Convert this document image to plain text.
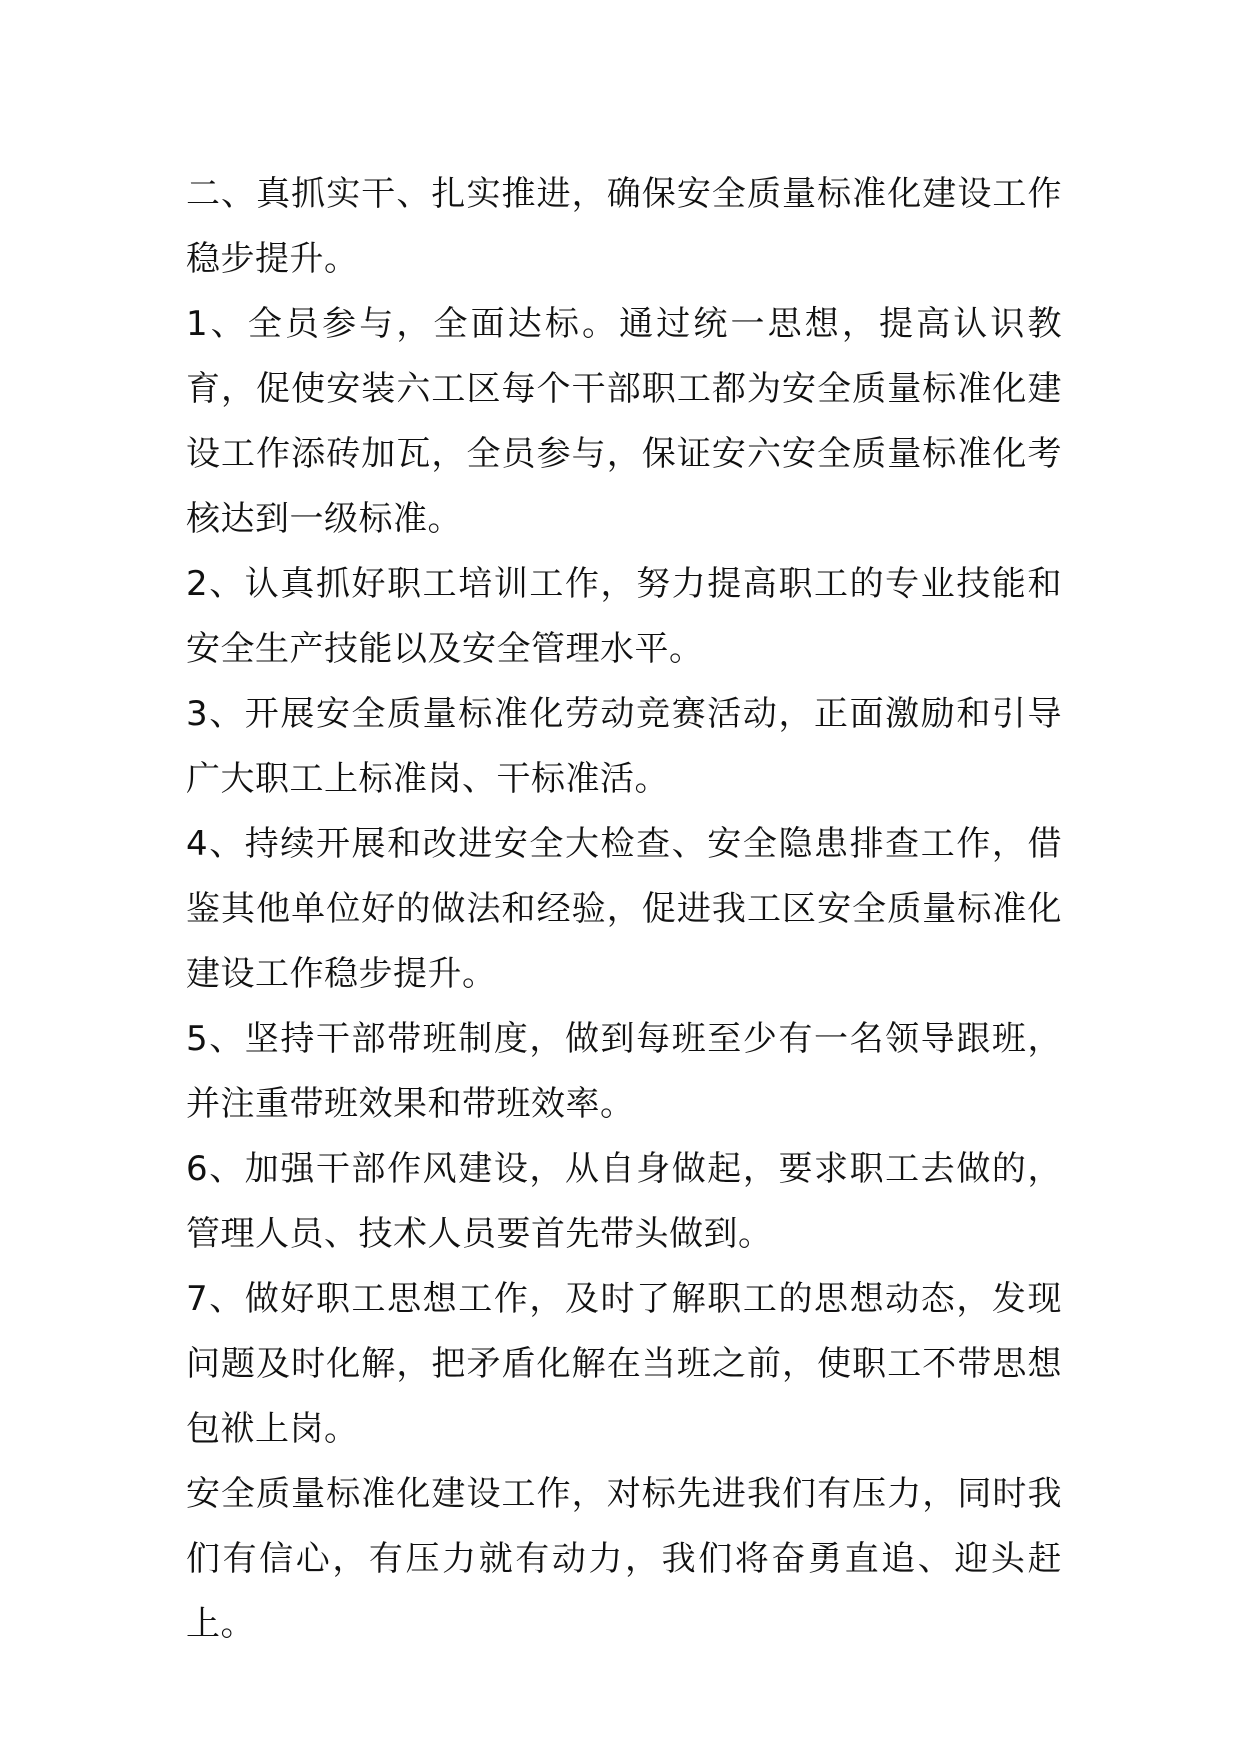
二、真抓实干、扎实推进，确保安全质量标准化建设工作稳步提升。

1、全员参与，全面达标。通过统一思想，提高认识教育，促使安装六工区每个干部职工都为安全质量标准化建设工作添砖加瓦，全员参与，保证安六安全质量标准化考核达到一级标准。

2、认真抓好职工培训工作，努力提高职工的专业技能和安全生产技能以及安全管理水平。

3、开展安全质量标准化劳动竞赛活动，正面激励和引导广大职工上标准岗、干标准活。

4、持续开展和改进安全大检查、安全隐患排查工作，借鉴其他单位好的做法和经验，促进我工区安全质量标准化建设工作稳步提升。

5、坚持干部带班制度，做到每班至少有一名领导跟班，并注重带班效果和带班效率。

6、加强干部作风建设，从自身做起，要求职工去做的，管理人员、技术人员要首先带头做到。

7、做好职工思想工作，及时了解职工的思想动态，发现问题及时化解，把矛盾化解在当班之前，使职工不带思想包袱上岗。

安全质量标准化建设工作，对标先进我们有压力，同时我们有信心，有压力就有动力，我们将奋勇直追、迎头赶上。
